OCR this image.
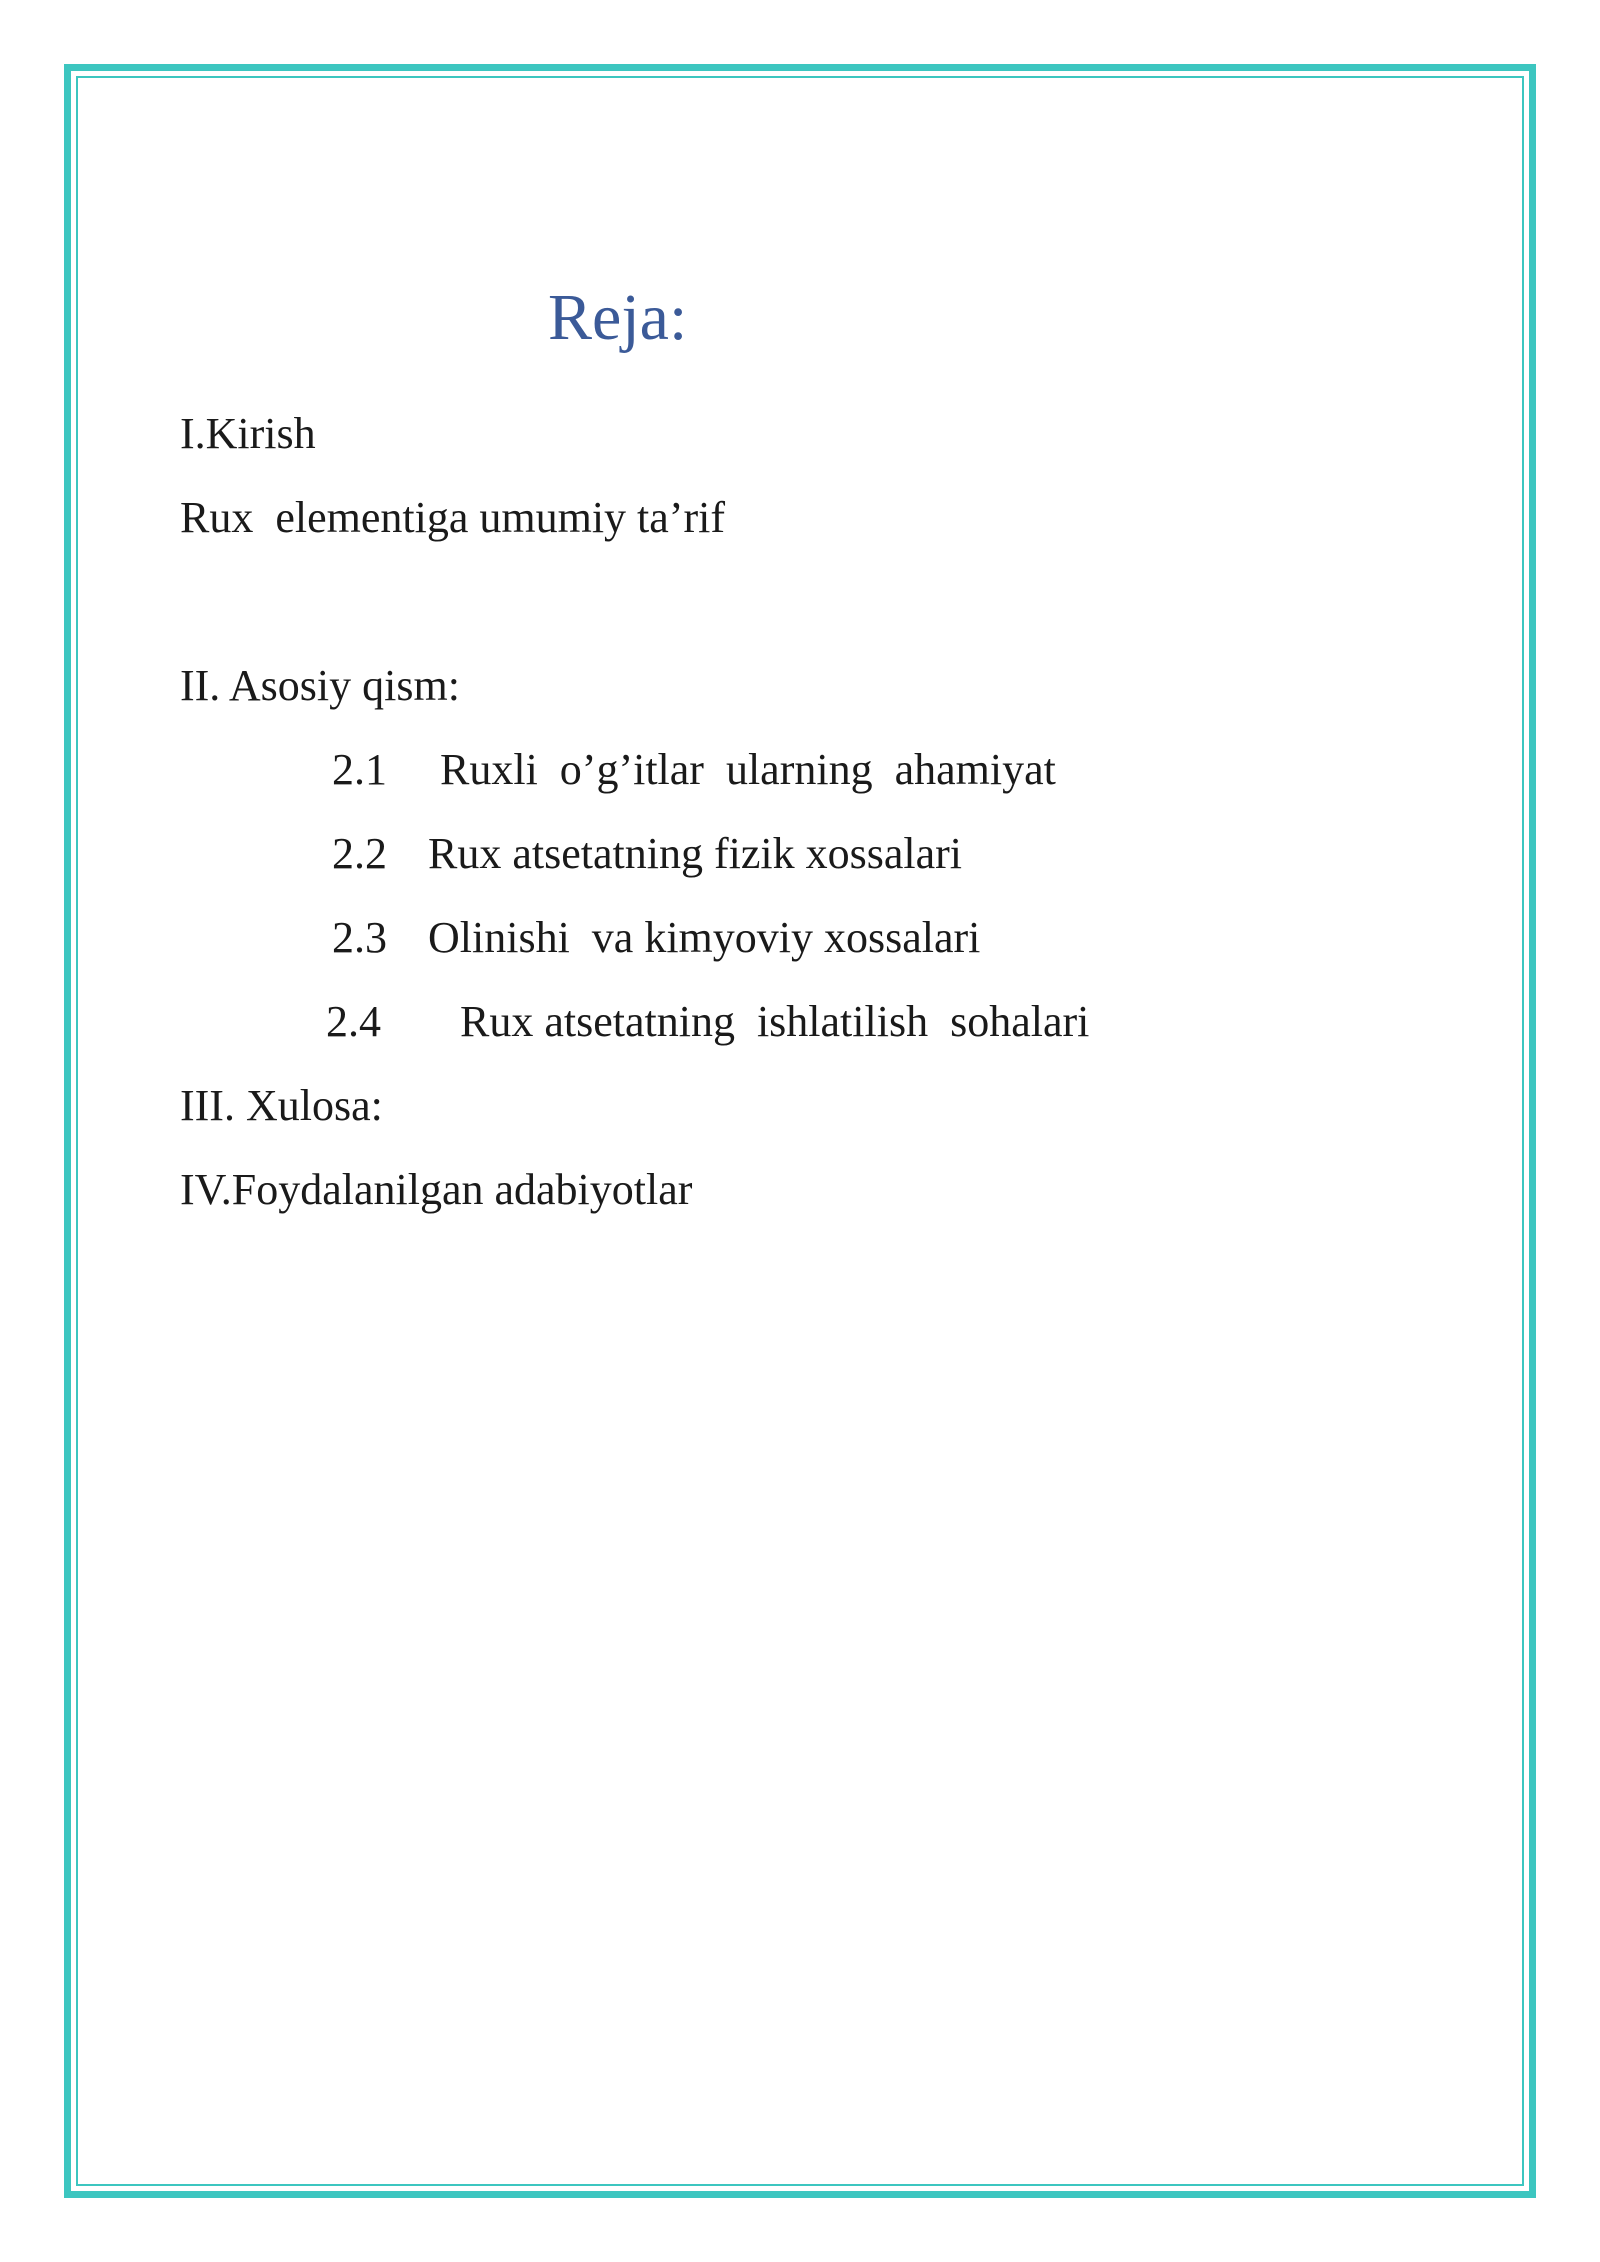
Reja:
I.Kirish
Rux  elementiga umumiy ta’rif
II. Asosiy qism:
2.1 Ruxli  o’g’itlar  ularning  ahamiyat
2.2 Rux atsetatning fizik xossalari
2.3 Olinishi  va kimyoviy xossalari
2.4 Rux atsetatning  ishlatilish  sohalari
III. Xulosa:
IV.Foydalanilgan adabiyotlar
